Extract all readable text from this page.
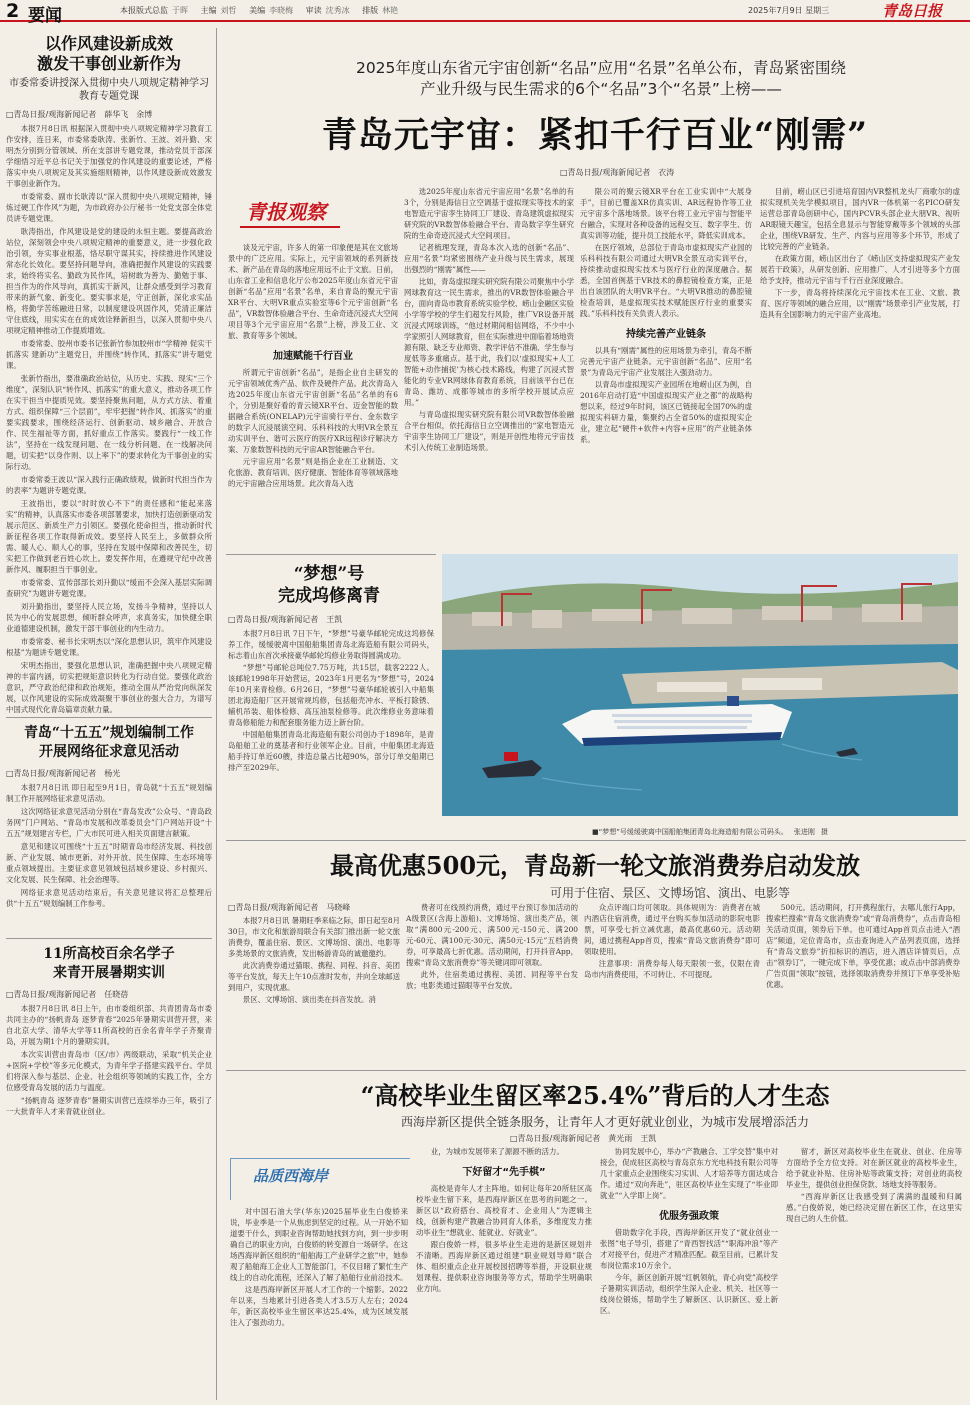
2 要闻	本报版式总监 于晖 主编 刘哲 美编 李晓梅 审读 沈秀冰 排版 林艳	2025年7月9日 星期三	青岛日报
以作风建设新成效
激发干事创业新作为
市委常委讲授深入贯彻中央八项规定精神学习教育专题党课
□青岛日报/观海新闻记者 薛华飞 余博

本报7月8日讯 根据深入贯彻中央八项规定精神学习教育工作安排，连日来，市委常委耿涛、张新竹、王波、刘升勤、宋明杰分别到分管领域、所在支部讲专题党课，推动党员干部深学细悟习近平总书记关于加强党的作风建设的重要论述，严格落实中央八项规定及其实施细则精神，以作风建设新成效激发干事创业新作为。

市委常委、副市长耿涛以“深入贯彻中央八项规定精神，锤炼过硬工作作风”为题，为市政府办公厅秘书一处党支部全体党员讲专题党课。

耿涛指出，作风建设是党的建设的永恒主题。要提高政治站位，深刻领会中央八项规定精神的重要意义，进一步强化政治引领，夯实事业根基，恪尽职守谋其实，持续推进作风建设常态化长效化。要坚持问题导向，准确把握作风建设的实践要求，始终将实名、勤政为民作风，培树敢为善为、勤勉于事、担当作为的作风导向，真抓实干新风，让群众感受到学习教育带来的新气象、新变化。要实事求是，守正创新，深化求实品格，将勤学苦练融进日常，以制度建设巩固作风，凭清正廉洁守住底线，用实实在在的成效诠释新担当，以深入贯彻中央八项规定精神推动工作提质增效。

市委常委、胶州市委书记张新竹参加胶州市“学精神 促实干 抓落实 建新功”主题党日，并围绕“转作风、抓落实”讲专题党课。

张新竹指出，要准确政治站位，从历史、实践、现实“三个维度”，深刻认识“转作风、抓落实”的重大意义，推动各项工作在实干担当中提质见效。要坚持聚焦问题，从方式方法、着重方式、组织保障“三个层面”，牢牢把握“转作风、抓落实”的重要实践要求，围绕经济运行、创新驱动、城乡融合、开放合作、民生福祉等方面，抓好重点工作落实。要践行“一线工作法”，坚持在一线发现问题、在一线分析问题、在一线解决问题，切实把“以身作则、以上率下”的要求转化为干事创业的实际行动。

市委常委王波以“深入践行正确政绩观，做新时代担当作为的表率”为题讲专题党课。

王波指出，要以“时时放心不下”的责任感和“能起来落实”的精神，认真落实市委各项部署要求，加快打造创新驱动发展示范区、新质生产力引领区。要强化使命担当，推动新时代新征程各项工作取得新成效。要坚持人民至上，多做群众所需、暖人心、顺人心的事，坚持在发展中保障和改善民生，切实把工作做到老百姓心坎上。要发挥作用，在遵规守纪中改善新作风、履职担当干事创业。

市委常委、宣传部部长刘升勤以“缓而不会深入基层实际调查研究”为题讲专题党课。

刘升勤指出，要坚持人民立场，发扬斗争精神，坚持以人民为中心的发展思想，倾听群众呼声，求真务实，加快健全职业道德建设机制，激发干部干事创业的内生动力。

市委常委、秘书长宋明杰以“深化思想认识，筑牢作风建设根基”为题讲专题党课。

宋明杰指出，要强化思想认识，准确把握中央八项规定精神的丰富内涵，切实把规矩意识转化为行动自觉。要强化政治意识，严守政治纪律和政治规矩，推动全面从严治党向纵深发展，以作风建设的实际成效凝聚干事创业的强大合力，为谱写中国式现代化青岛篇章贡献力量。

青岛“十五五”规划编制工作
开展网络征求意见活动
□青岛日报/观海新闻记者 杨光

本报7月8日讯 即日起至9月1日，青岛就“十五五”规划编制工作开展网络征求意见活动。

这次网络征求意见活动分别在“青岛发改”公众号、“青岛政务网”门户网站、“青岛市发展和改革委员会”门户网站开设“十五五”规划建言专栏，广大市民可进入相关页面建言献策。

意见和建议可围绕“十五五”时期青岛市经济发展、科技创新、产业发展、城市更新、对外开放、民生保障、生态环境等重点领域提出。主要征求意见领域包括城乡建设、乡村振兴、文化发展、民生保障、社会治理等。

网络征求意见活动结束后，有关意见建议将汇总整理后供“十五五”规划编制工作参考。

11所高校百余名学子
来青开展暑期实训
□青岛日报/观海新闻记者 任晓蓓

本报7月8日讯 8日上午，由市委组织部、共青团青岛市委共同主办的“扬帆青岛 逐梦青春”2025年暑期实训营开营，来自北京大学、清华大学等11所高校的百余名青年学子齐聚青岛，开展为期1个月的暑期实训。

本次实训营由青岛市（区/市）两级联动，采取“机关企业+医院+学校”等多元化模式，为青年学子搭建实践平台。学员们将深入参与基层、企业、社会组织等领域的实践工作，全方位感受青岛发展的活力与温度。

“扬帆青岛 逐梦青春”暑期实训营已连续举办三年，吸引了一大批青年人才来青就业创业。

2025年度山东省元宇宙创新“名品”应用“名景”名单公布，青岛紧密围绕
产业升级与民生需求的6个“名品”3个“名景”上榜——
青岛元宇宙：紧扣千行百业“刚需”
□青岛日报/观海新闻记者 衣涛
青报观察

谈及元宇宙，许多人的第一印象便是其在文旅场景中的广泛应用。实际上，元宇宙领域的系列新技术、新产品在青岛的落地应用远不止于文旅。日前，山东省工业和信息化厅公布2025年度山东省元宇宙创新“名品”应用“名景”名单，来自青岛的聚元宇宙XR平台、大明VR重点实验室等6个元宇宙创新“名品”，VR数智体验融合平台、生命奇迹沉浸式大空间项目等3个元宇宙应用“名景”上榜，涉及工业、文旅、教育等多个领域。

加速赋能千行百业

所谓元宇宙创新“名品”，是指企业自主研发的元宇宙领域优秀产品、软件及硬件产品。此次青岛入选2025年度山东省元宇宙创新“名品”名单的有6个，分别是聚好看的青云镜XR平台、迈金智能的数据融合系统(ONELAP)元宇宙骑行平台、金东数字的数字人沉浸展演空间、乐科科技的大明VR全景互动实训平台、谐可云医疗的医疗XR远程诊疗解决方案、万象数智科技的元宇宙AR智能融合平台。

元宇宙应用“名景”则是指企业在工业制造、文化旅游、教育培训、医疗健康、智能体育等领域落地的元宇宙融合应用场景。此次青岛入选

选2025年度山东省元宇宙应用“名景”名单的有3个，分别是海信日立空调基于虚拟现实等技术的家电智造元宇宙孪生协同工厂建设、青岛建筑虚拟现实研究院的VR数智体验融合平台、青岛数字孪生研究院的生命奇迹沉浸式大空间项目。

记者梳理发现，青岛本次入选的创新“名品”、应用“名景”均紧密围绕产业升级与民生需求，展现出强烈的“刚需”属性——

比如，青岛虚拟现实研究院有限公司聚焦中小学网球教育这一民生需求，推出的VR数智体验融合平台，面向青岛市教育系统实验学校、崂山金融区实验小学等学校的学生们超发行风险，推广VR设备开展沉浸式网球训练，“他过材期间相信网络，不少中小学家照引人网球教育，但在实际推进中面临着场地资源有限、缺乏专业师资、教学评估不准确、学生参与度低等多重痛点。基于此，我们以‘虚拟现实+人工智能+动作捕捉’为核心技术路线，构建了沉浸式智能化的专业VR网球体育教育系统，目前该平台已在青岛、潍坊、成都等城市的多所学校开展试点应用。”

与青岛虚拟现实研究院有限公司VR数智体验融合平台相似，依托海信日立空调推出的“家电智造元宇宙孪生协同工厂建设”，则是开创性地将元宇宙技术引入传统工业制造场景。

限公司的聚云镜XR平台在工业实训中“大展身手”，目前已覆盖XR仿真实训、AR远程协作等工业元宇宙多个落地场景。该平台将工业元宇宙与智能平台融合，实现对各种设备的远程交互、数字孪生、仿真实训等功能，提升员工技能水平，降低实训成本。

在医疗领域，总部位于青岛市虚拟现实产业园的乐科科技有限公司通过大明VR全景互动实训平台，持续推动虚拟现实技术与医疗行业的深度融合。据悉，全国首例基于VR技术的鼻腔镜检查方案，正是出自该团队的大明VR平台。“大明VR推动的鼻腔镜检查培训，是虚拟现实技术赋能医疗行业的重要实践。”乐科科技有关负责人表示。

持续完善产业链条

以具有“刚需”属性的应用场景为牵引，青岛不断完善元宇宙产业链条。元宇宙创新“名品”、应用“名景”为青岛元宇宙产业发展注入强劲动力。

以青岛市虚拟现实产业园所在地崂山区为例，自2016年启动打造“中国虚拟现实产业之都”的战略构想以来，经过9年时间，该区已链接起全国70%的虚拟现实科研力量，集聚约占全省50%的虚拟现实企业，建立起“硬件+软件+内容+应用”的产业链条体系。

目前，崂山区已引进培育国内VR整机龙头厂商歌尔的虚拟实现机关先学模拟项目，国内VR一体机第一名PICO研发运营总部青岛创研中心，国内PCVR头部企业大朋VR、视听AR眼镜天趣宝，包括全息显示与智能穿戴等多个领域的头部企业，围绕VR研发、生产、内容与应用等多个环节，形成了比较完善的产业链条。

在政策方面，崂山区出台了《崂山区支持虚拟现实产业发展若干政策》，从研发创新、应用推广、人才引进等多个方面给予支持，推动元宇宙与千行百业深度融合。

下一步，青岛将持续深化元宇宙技术在工业、文旅、教育、医疗等领域的融合应用，以“刚需”场景牵引产业发展，打造具有全国影响力的元宇宙产业高地。

“梦想”号
完成坞修离青
□青岛日报/观海新闻记者 王凯

本报7月8日讯 7日下午，“梦想”号豪华邮轮完成这坞修保养工作，缓缓驶离中国船舶集团青岛北海造船有限公司码头，标志着山东首次承接豪华邮轮坞修业务取得圆满成功。

“梦想”号邮轮总吨位7.75万吨，共15层，载客2222人。该邮轮1998年开始营运，2023年1月更名为“梦想”号，2024年10月来青检修。6月26日，“梦想”号豪华邮轮被引入中船集团北海造船厂区开展常规坞修，包括船壳冲水、平板打除锈、辅机吊装、船体检修、高压油泵检修等。此次维修业务意味着青岛修船能力和配套服务能力迈上新台阶。

中国船舶集团青岛北海造船有限公司创办于1898年，是青岛船舶工业的奠基者和行业领军企业。目前，中船集团北海造船手持订单近60艘，排造总量占比超90%，部分订单交船期已排产至2029年。

■“梦想”号缓缓驶离中国船舶集团青岛北海造船有限公司码头。 张进刚 摄
最高优惠500元，青岛新一轮文旅消费券启动发放
可用于住宿、景区、文博场馆、演出、电影等
□青岛日报/观海新闻记者 马晓峰

本报7月8日讯 暑期旺季来临之际，即日起至8月30日，市文化和旅游局联合有关部门推出新一轮文旅消费券，覆盖住宿、景区、文博场馆、演出、电影等多类场景的文旅消费，发出畅游青岛的诚邀邀约。

此次消费券通过猫眼、携程、同程、抖音、美团等平台发放，每天上午10点准时发布，并向全球邮送到用户，实现优惠。

景区、文博场馆、演出类在抖音发放。消

费者可在线预约消费，通过平台预订参加活动的A级景区(含海上游船)、文博场馆、演出类产品，领取“满800元-200元、满500元-150元、满200元-60元、满100元-30元、满50元-15元”五档消费券，可享最高七折优惠。活动期间，打开抖音App，搜索“青岛文旅消费券”等关键词即可领取。

此外，住宿类通过携程、美团、同程等平台发放；电影类通过猫眼等平台发放。

众点评端口均可领取。具体规则为：消费者在城内酒店住宿消费，通过平台购买参加活动的影院电影票，可享受七折立减优惠，最高优惠60元。活动期间，通过携程App首页，搜索“青岛文旅消费券”即可领取使用。

注意事项：消费券每人每天限领一张，仅限在青岛市内消费使用，不可转让、不可提现。

500元。活动期间，打开携程旅行，去哪儿旅行App，搜索栏搜索“青岛文旅消费券”或“青岛消费券”，点击青岛相关活动页面，领券后下单。也可通过App首页点击进入“酒店”频道，定位青岛市，点击查询进入产品列表页面，选择有“青岛文旅券”折扣标识的酒店，进入酒店详情页后，点击“领券订”，一键完成下单，享受优惠；或点击中部消费券广告页面“领取”按钮，选择领取消费券并预订下单享受补贴优惠。

“高校毕业生留区率25.4%”背后的人才生态
西海岸新区提供全链条服务，让青年人才更好就业创业，为城市发展增添活力
□青岛日报/观海新闻记者 黄光雨 王凯
品质西海岸

对中国石油大学(华东)2025届毕业生白俊娇来说，毕业季是一个从焦虑到坚定的过程。从一开始不知道要干什么，到职业咨询帮助她找到方向，到一步步明确自己的职业方向，白俊娇的转变源自一场研学。在这场西海岸新区组织的“船舶海工产业研学之旅”中，她参观了船舶海工企业人工智能部门，不仅目睹了繁忙生产线上的自动化流程，还深入了解了船舶行业前沿技术。

这是西海岸新区开展人才工作的一个缩影。2022年以来，当地累计引进各类人才3.5万人左右；2024年，新区高校毕业生留区率达25.4%，成为区域发展注入了强劲动力。

业，为城市发展带来了源源不断的活力。

下好留才“先手棋”

高校是青年人才主阵地。如何让每年20所驻区高校毕业生留下来，是西海岸新区在思考的问题之一。新区以“政府搭台、高校育才、企业用人”为逻辑主线，创新构建产教融合协同育人体系，多维度发力推动毕业生“想就业、能就业、好就业”。

跟白俊娇一样，很多毕业生走进的是新区规划并不清晰。西海岸新区通过组建“职业规划导师”联合体、组织重点企业开展校园招聘等举措，开设职业规划课程、提供职业咨询服务等方式，帮助学生明确职业方向。

协同发展中心，举办“产教融合、工学交替”集中对接会，促成驻区高校与青岛京东方光电科技有限公司等几十家重点企业围绕实习实训、人才培养等方面达成合作。通过“双向奔赴”，驻区高校毕业生实现了“毕业即就业”“入学即上岗”。

优服务强政策

借助数字化手段，西海岸新区开发了“就业创业一张图”电子导引，搭建了“青西智找活”“职海冲浪”等产才对接平台，促进产才精准匹配。截至目前，已累计发布岗位需求10万余个。

今年，新区创新开展“红帆领航，青心向党”高校学子暑期实训活动，组织学生深入企业、机关、社区等一线岗位锻炼，帮助学生了解新区、认识新区、爱上新区。

留才，新区对高校毕业生在就业、创业、住房等方面给予全方位支持。对在新区就业的高校毕业生，给予就业补贴、住房补贴等政策支持；对创业的高校毕业生，提供创业担保贷款、场地支持等服务。

“西海岸新区让我感受到了满满的温暖和归属感。”白俊娇说，她已经决定留在新区工作，在这里实现自己的人生价值。
